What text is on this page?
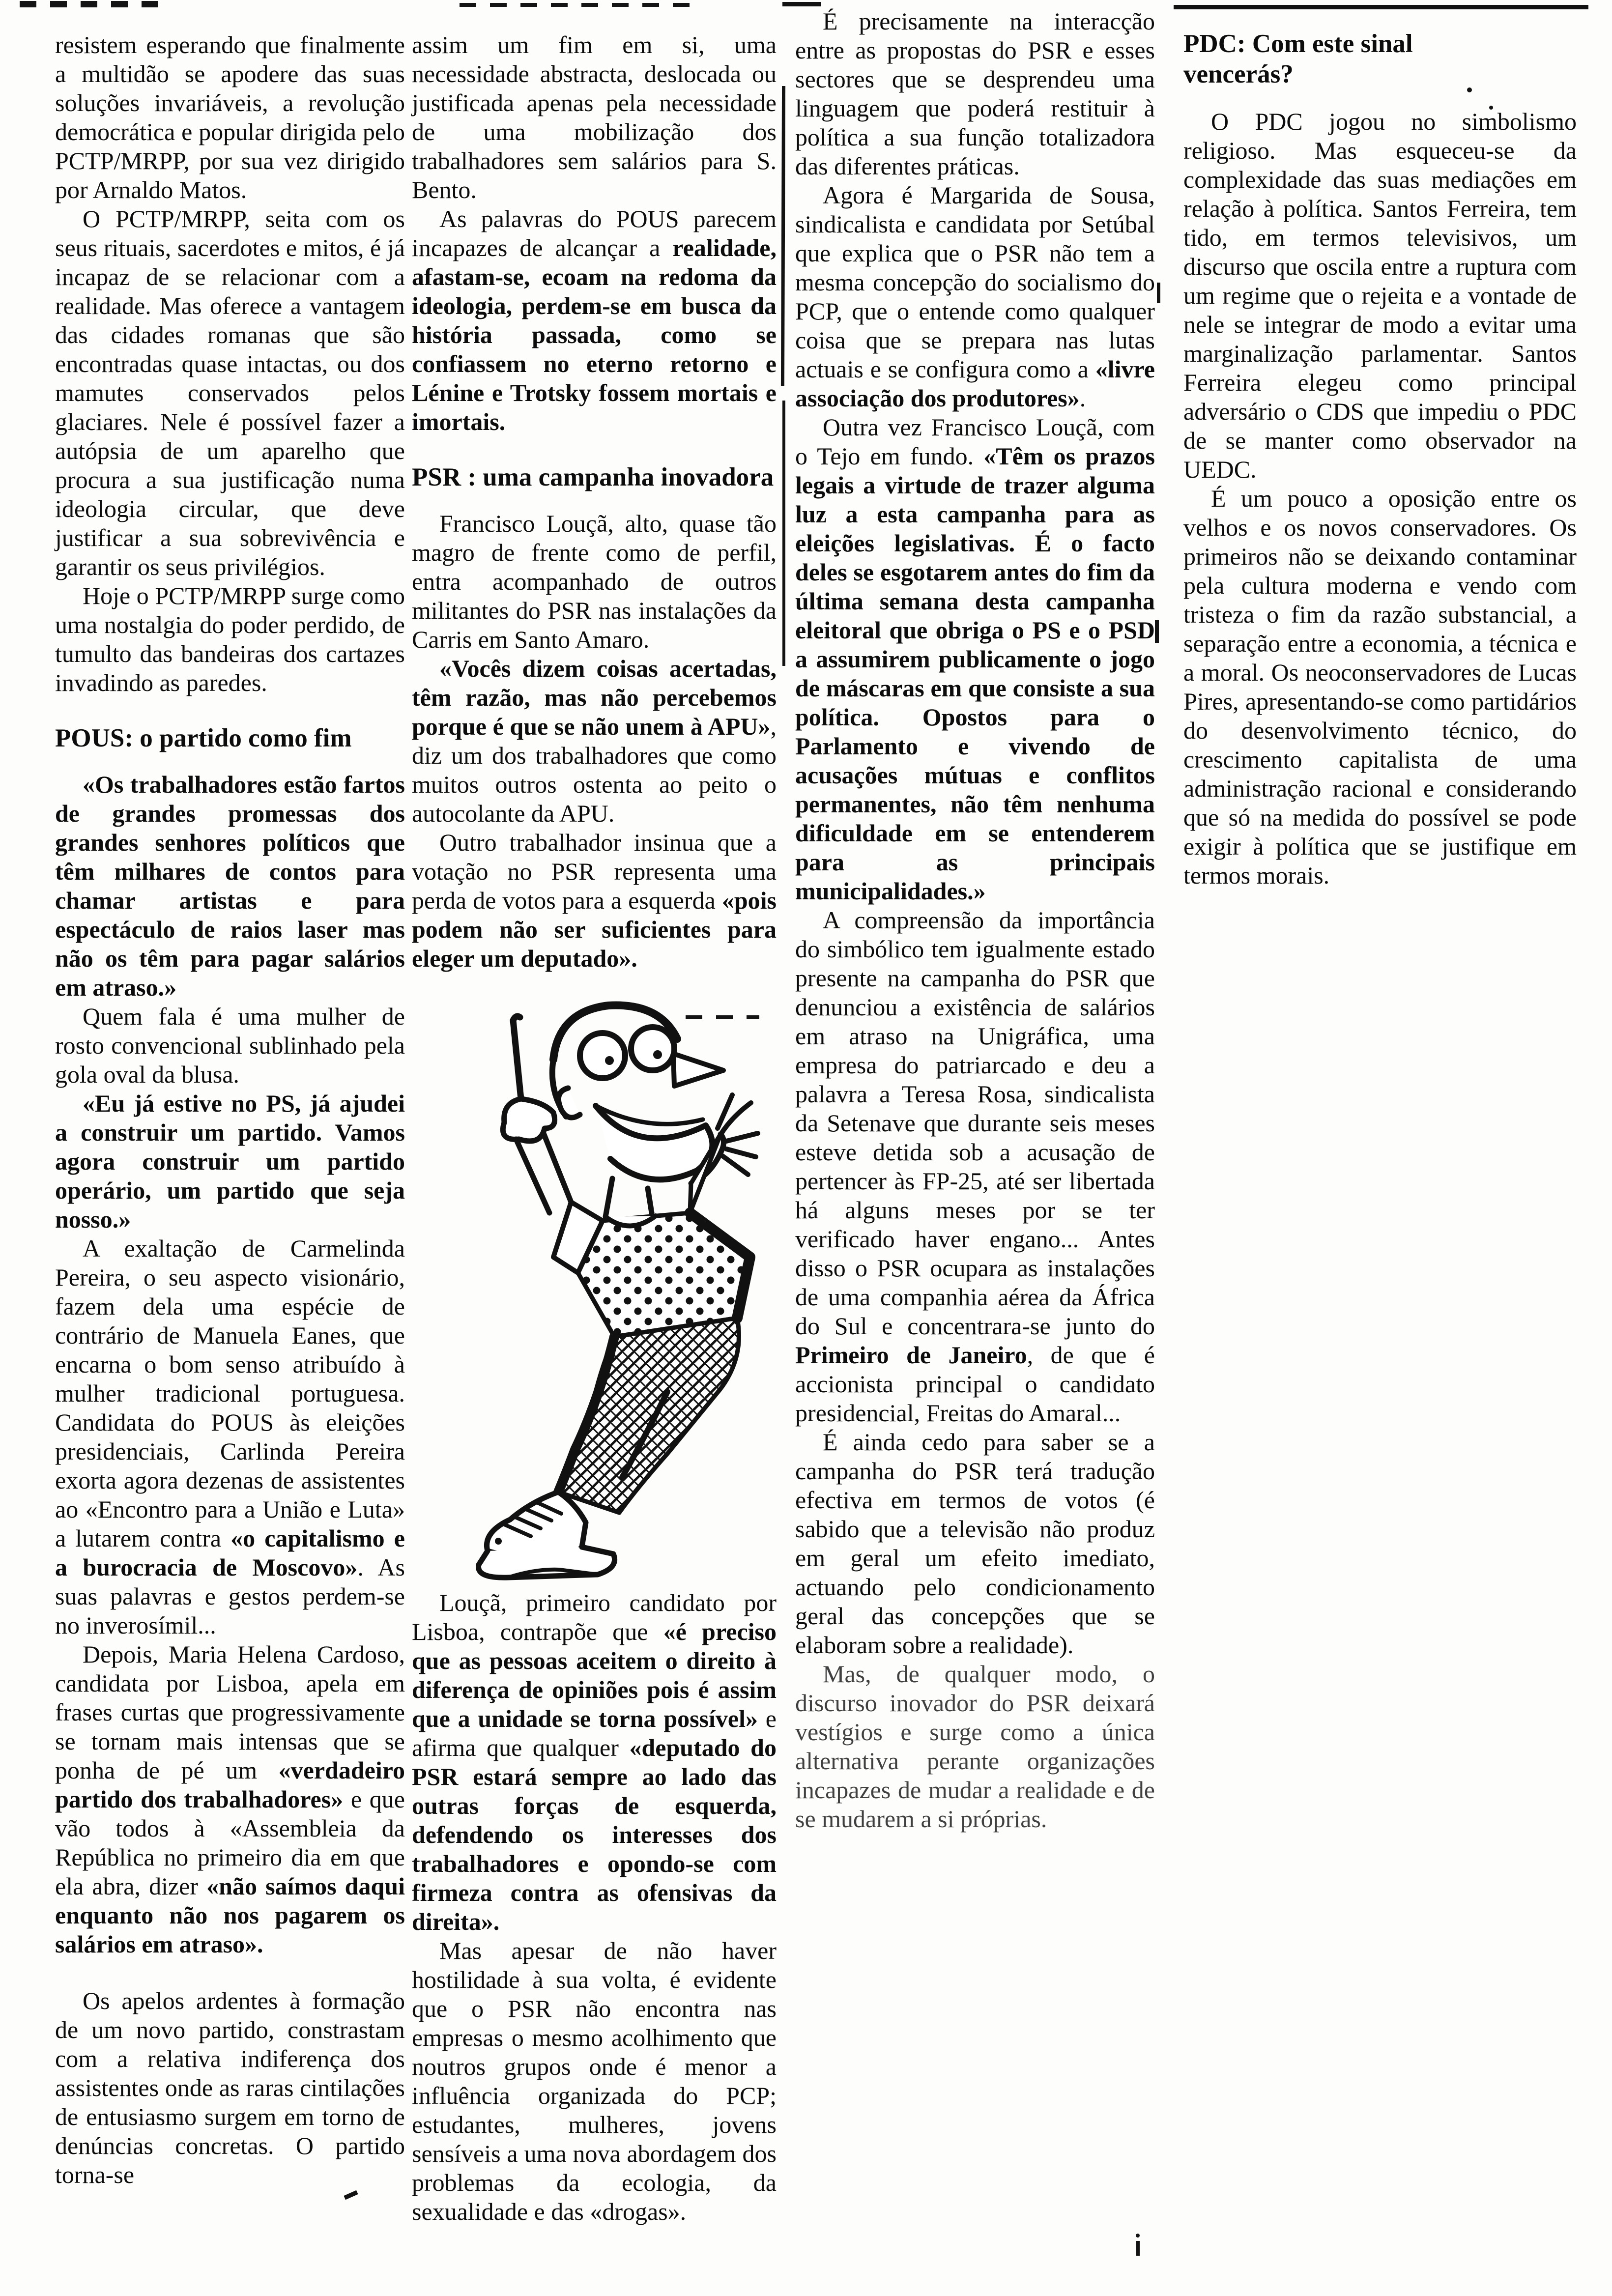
resistem esperando que finalmente a multidão se apodere das suas soluções invariáveis, a revolução democrática e popular dirigida pelo PCTP/MRPP, por sua vez dirigido por Arnaldo Matos.

O PCTP/MRPP, seita com os seus rituais, sacerdotes e mitos, é já incapaz de se relacionar com a realidade. Mas oferece a vantagem das cidades romanas que são encontradas quase intactas, ou dos mamutes conservados pelos glaciares. Nele é possível fazer a autópsia de um aparelho que procura a sua justificação numa ideologia circular, que deve justificar a sua sobrevivência e garantir os seus privilégios.

Hoje o PCTP/MRPP surge como uma nostalgia do poder perdido, de tumulto das bandeiras dos cartazes invadindo as paredes.

POUS: o partido como fim

«Os trabalhadores estão fartos de grandes promessas dos grandes senhores políticos que têm milhares de contos para chamar artistas e para espectáculo de raios laser mas não os têm para pagar salários em atraso.»

Quem fala é uma mulher de rosto convencional sublinhado pela gola oval da blusa.

«Eu já estive no PS, já ajudei a construir um partido. Vamos agora construir um partido operário, um partido que seja nosso.»

A exaltação de Carmelinda Pereira, o seu aspecto visionário, fazem dela uma espécie de contrário de Manuela Eanes, que encarna o bom senso atribuído à mulher tradicional portuguesa. Candidata do POUS às eleições presidenciais, Carlinda Pereira exorta agora dezenas de assistentes ao «Encontro para a União e Luta» a lutarem contra «o capitalismo e a burocracia de Moscovo». As suas palavras e gestos perdem-se no inverosímil...

Depois, Maria Helena Cardoso, candidata por Lisboa, apela em frases curtas que progressivamente se tornam mais intensas que se ponha de pé um «verdadeiro partido dos trabalhadores» e que vão todos à «Assembleia da República no primeiro dia em que ela abra, dizer «não saímos daqui enquanto não nos pagarem os salários em atraso».

Os apelos ardentes à formação de um novo partido, constrastam com a relativa indiferença dos assistentes onde as raras cintilações de entusiasmo surgem em torno de denúncias concretas. O partido torna-se

assim um fim em si, uma necessidade abstracta, deslocada ou justificada apenas pela necessidade de uma mobilização dos trabalhadores sem salários para S. Bento.

As palavras do POUS parecem incapazes de alcançar a realidade, afastam-se, ecoam na redoma da ideologia, perdem-se em busca da história passada, como se confiassem no eterno retorno e Lénine e Trotsky fossem mortais e imortais.

PSR : uma campanha inovadora

Francisco Louçã, alto, quase tão magro de frente como de perfil, entra acompanhado de outros militantes do PSR nas instalações da Carris em Santo Amaro.

«Vocês dizem coisas acertadas, têm razão, mas não percebemos porque é que se não unem à APU», diz um dos trabalhadores que como muitos outros ostenta ao peito o autocolante da APU.

Outro trabalhador insinua que a votação no PSR representa uma perda de votos para a esquerda «pois podem não ser suficientes para eleger um deputado».

Louçã, primeiro candidato por Lisboa, contrapõe que «é preciso que as pessoas aceitem o direito à diferença de opiniões pois é assim que a unidade se torna possível» e afirma que qualquer «deputado do PSR estará sempre ao lado das outras forças de esquerda, defendendo os interesses dos trabalhadores e opondo-se com firmeza contra as ofensivas da direita».

Mas apesar de não haver hostilidade à sua volta, é evidente que o PSR não encontra nas empresas o mesmo acolhimento que noutros grupos onde é menor a influência organizada do PCP; estudantes, mulheres, jovens sensíveis a uma nova abordagem dos problemas da ecologia, da sexualidade e das «drogas».

É precisamente na interacção entre as propostas do PSR e esses sectores que se desprendeu uma linguagem que poderá restituir à política a sua função totalizadora das diferentes práticas.

Agora é Margarida de Sousa, sindicalista e candidata por Setúbal que explica que o PSR não tem a mesma concepção do socialismo do PCP, que o entende como qualquer coisa que se prepara nas lutas actuais e se configura como a «livre associação dos produtores».

Outra vez Francisco Louçã, com o Tejo em fundo. «Têm os prazos legais a virtude de trazer alguma luz a esta campanha para as eleições legislativas. É o facto deles se esgotarem antes do fim da última semana desta campanha eleitoral que obriga o PS e o PSD a assumirem publicamente o jogo de máscaras em que consiste a sua política. Opostos para o Parlamento e vivendo de acusações mútuas e conflitos permanentes, não têm nenhuma dificuldade em se entenderem para as principais municipalidades.»

A compreensão da importância do simbólico tem igualmente estado presente na campanha do PSR que denunciou a existência de salários em atraso na Unigráfica, uma empresa do patriarcado e deu a palavra a Teresa Rosa, sindicalista da Setenave que durante seis meses esteve detida sob a acusação de pertencer às FP-25, até ser libertada há alguns meses por se ter verificado haver engano... Antes disso o PSR ocupara as instalações de uma companhia aérea da África do Sul e concentrara-se junto do Primeiro de Janeiro, de que é accionista principal o candidato presidencial, Freitas do Amaral...

É ainda cedo para saber se a campanha do PSR terá tradução efectiva em termos de votos (é sabido que a televisão não produz em geral um efeito imediato, actuando pelo condicionamento geral das concepções que se elaboram sobre a realidade).

Mas, de qualquer modo, o discurso inovador do PSR deixará vestígios e surge como a única alternativa perante organizações incapazes de mudar a realidade e de se mudarem a si próprias.

PDC: Com este sinal vencerás?

O PDC jogou no simbolismo religioso. Mas esqueceu-se da complexidade das suas mediações em relação à política. Santos Ferreira, tem tido, em termos televisivos, um discurso que oscila entre a ruptura com um regime que o rejeita e a vontade de nele se integrar de modo a evitar uma marginalização parlamentar. Santos Ferreira elegeu como principal adversário o CDS que impediu o PDC de se manter como observador na UEDC.

É um pouco a oposição entre os velhos e os novos conservadores. Os primeiros não se deixando contaminar pela cultura moderna e vendo com tristeza o fim da razão substancial, a separação entre a economia, a técnica e a moral. Os neoconservadores de Lucas Pires, apresentando-se como partidários do desenvolvimento técnico, do crescimento capitalista de uma administração racional e considerando que só na medida do possível se pode exigir à política que se justifique em termos morais.
